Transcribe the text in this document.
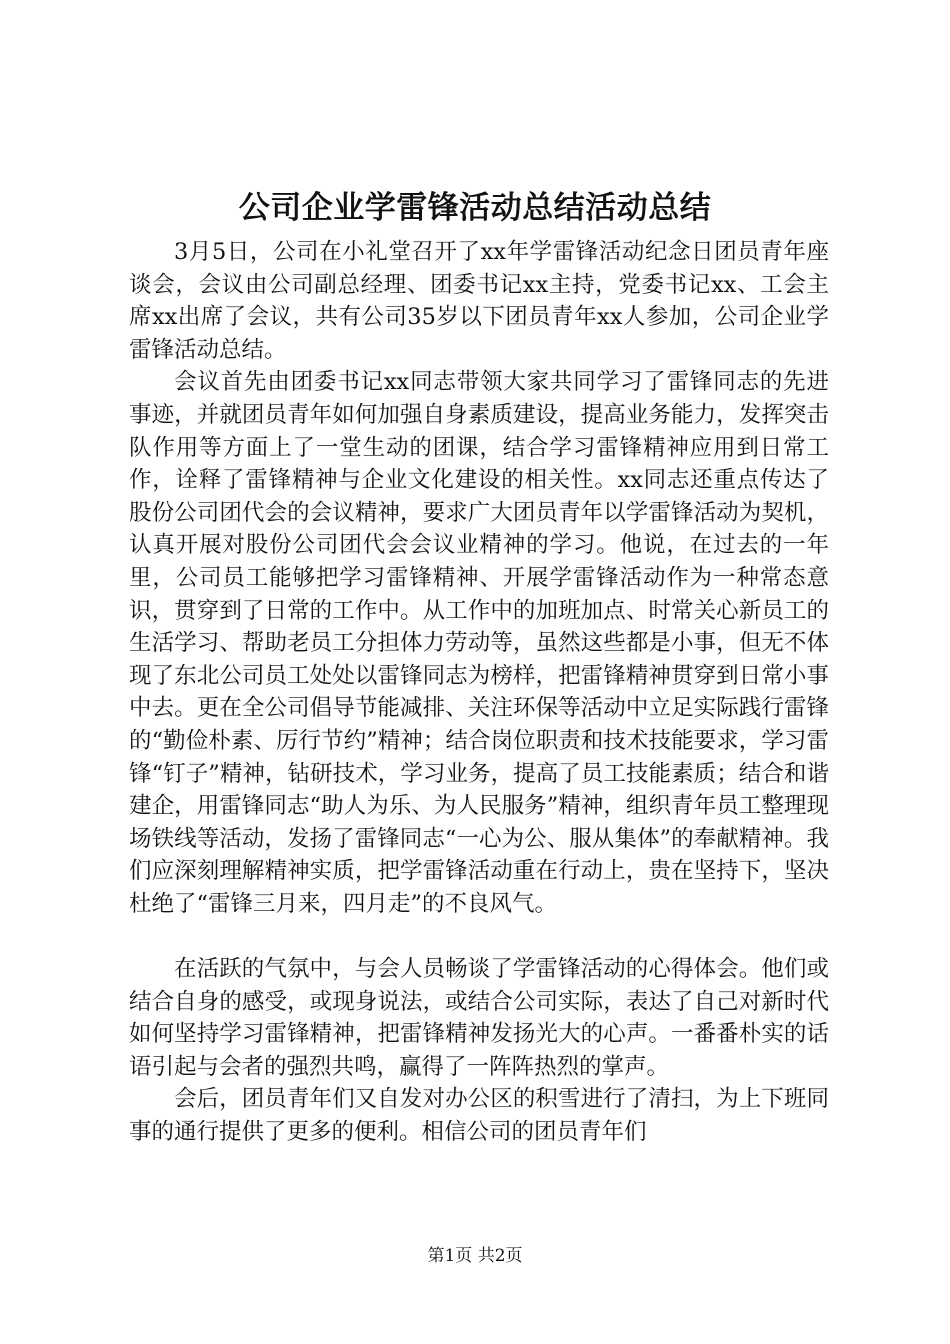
公司企业学雷锋活动总结活动总结

3月5日，公司在小礼堂召开了xx年学雷锋活动纪念日团员青年座谈会，会议由公司副总经理、团委书记xx主持，党委书记xx、工会主席xx出席了会议，共有公司35岁以下团员青年xx人参加，公司企业学雷锋活动总结。

会议首先由团委书记xx同志带领大家共同学习了雷锋同志的先进事迹，并就团员青年如何加强自身素质建设，提高业务能力，发挥突击队作用等方面上了一堂生动的团课，结合学习雷锋精神应用到日常工作，诠释了雷锋精神与企业文化建设的相关性。xx同志还重点传达了股份公司团代会的会议精神，要求广大团员青年以学雷锋活动为契机，认真开展对股份公司团代会会议业精神的学习。他说，在过去的一年里，公司员工能够把学习雷锋精神、开展学雷锋活动作为一种常态意识，贯穿到了日常的工作中。从工作中的加班加点、时常关心新员工的生活学习、帮助老员工分担体力劳动等，虽然这些都是小事，但无不体现了东北公司员工处处以雷锋同志为榜样，把雷锋精神贯穿到日常小事中去。更在全公司倡导节能减排、关注环保等活动中立足实际践行雷锋的“勤俭朴素、厉行节约”精神；结合岗位职责和技术技能要求，学习雷锋“钉子”精神，钻研技术，学习业务，提高了员工技能素质；结合和谐建企，用雷锋同志“助人为乐、为人民服务”精神，组织青年员工整理现场铁线等活动，发扬了雷锋同志“一心为公、服从集体”的奉献精神。我们应深刻理解精神实质，把学雷锋活动重在行动上，贵在坚持下，坚决杜绝了“雷锋三月来，四月走”的不良风气。

在活跃的气氛中，与会人员畅谈了学雷锋活动的心得体会。他们或结合自身的感受，或现身说法，或结合公司实际，表达了自己对新时代如何坚持学习雷锋精神，把雷锋精神发扬光大的心声。一番番朴实的话语引起与会者的强烈共鸣，赢得了一阵阵热烈的掌声。

会后，团员青年们又自发对办公区的积雪进行了清扫，为上下班同事的通行提供了更多的便利。相信公司的团员青年们

第1页 共2页
